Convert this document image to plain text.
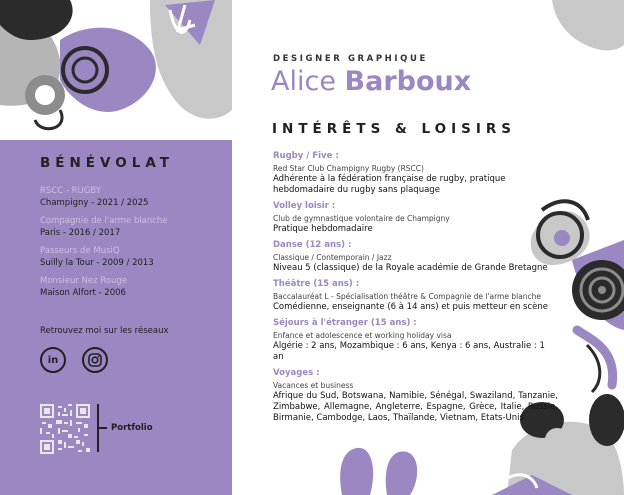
BÉNÉVOLAT
RSCC - RUGBY
Champigny - 2021 / 2025
Compagnie de l'arme blanche
Paris - 2016 / 2017
Passeurs de MusiQ
Suilly la Tour - 2009 / 2013
Monsieur Nez Rouge
Maison Alfort - 2006
Retrouvez moi sur les réseaux
in
Portfolio
DESIGNER GRAPHIQUE
Alice Barboux
INTÉRÊTS & LOISIRS
Rugby / Five :
Red Star Club Champigny Rugby (RSCC)
Adhérente à la fédération française de rugby, pratique hebdomadaire du rugby sans plaquage
Volley loisir :
Club de gymnastique volontaire de Champigny
Pratique hebdomadaire
Danse (12 ans) :
Classique / Contemporain / Jazz
Niveau 5 (classique) de la Royale académie de Grande Bretagne
Théâtre (15 ans) :
Baccalauréat L - Spécialisation théâtre & Compagnie de l'arme blanche
Comédienne, enseignante (6 à 14 ans) et puis metteur en scène
Séjours à l'étranger (15 ans) :
Enfance et adolescence et working holiday visa
Algérie : 2 ans, Mozambique : 6 ans, Kenya : 6 ans, Australie : 1 an
Voyages :
Vacances et business
Afrique du Sud, Botswana, Namibie, Sénégal, Swaziland, Tanzanie, Zimbabwe, Allemagne, Angleterre, Espagne, Grèce, Italie, Russie, Birmanie, Cambodge, Laos, Thaïlande, Vietnam, Etats-Unis
